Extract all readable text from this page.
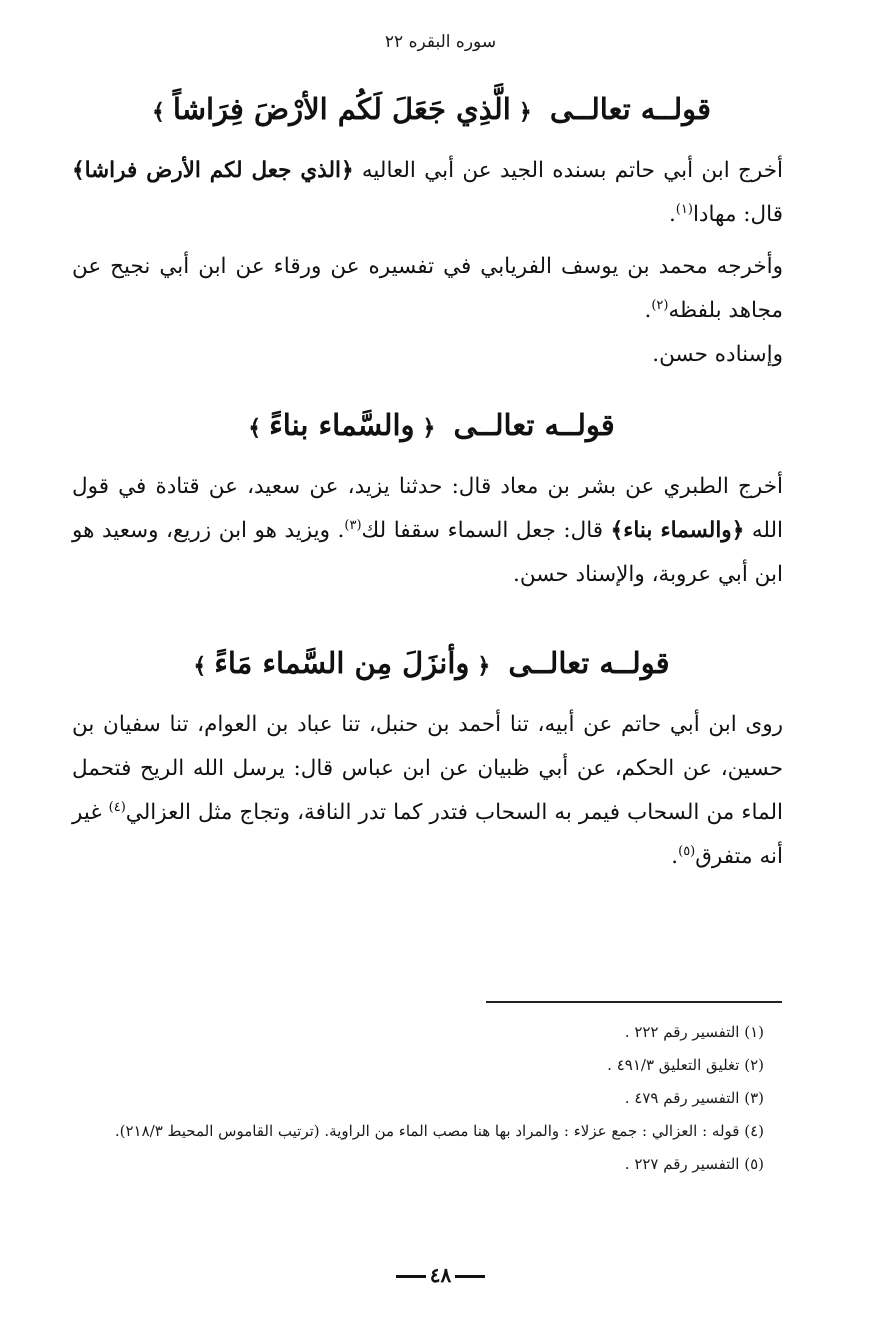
سوره البقره ٢٢
قولــه تعالــى ﴿الَّذِي جَعَلَ لَكُم الأرْضَ فِرَاشاً﴾

أخرج ابن أبي حاتم بسنده الجيد عن أبي العاليه ﴿الذي جعل لكم الأرض فراشا﴾ قال: مهادا$^{(١)}$.

وأخرجه محمد بن يوسف الفريابي في تفسيره عن ورقاء عن ابن أبي نجيح عن مجاهد بلفظه$^{(٢)}$.

وإسناده حسن.

قولــه تعالــى ﴿والسَّماء بناءً﴾

أخرج الطبري عن بشر بن معاد قال: حدثنا يزيد، عن سعيد، عن قتادة في قول الله ﴿والسماء بناء﴾ قال: جعل السماء سقفا لك$^{(٣)}$. ويزيد هو ابن زريع، وسعيد هو ابن أبي عروبة، والإسناد حسن.

قولــه تعالــى ﴿وأنزَلَ مِن السَّماء مَاءً﴾

روى ابن أبي حاتم عن أبيه، تنا أحمد بن حنبل، تنا عباد بن العوام، تنا سفيان بن حسين، عن الحكم، عن أبي ظبيان عن ابن عباس قال: يرسل الله الريح فتحمل الماء من السحاب فيمر به السحاب فتدر كما تدر النافة، وتجاج مثل العزالي$^{(٤)}$ غير أنه متفرق$^{(٥)}$.

(١) التفسير رقم ٢٢٢ .
(٢) تغليق التعليق ٤٩١/٣ .
(٣) التفسير رقم ٤٧٩ .
(٤) قوله : العزالي : جمع عزلاء : والمراد بها هنا مصب الماء من الراوية. (ترتيب القاموس المحيط ٢١٨/٣).
(٥) التفسير رقم ٢٢٧ .
٤٨
